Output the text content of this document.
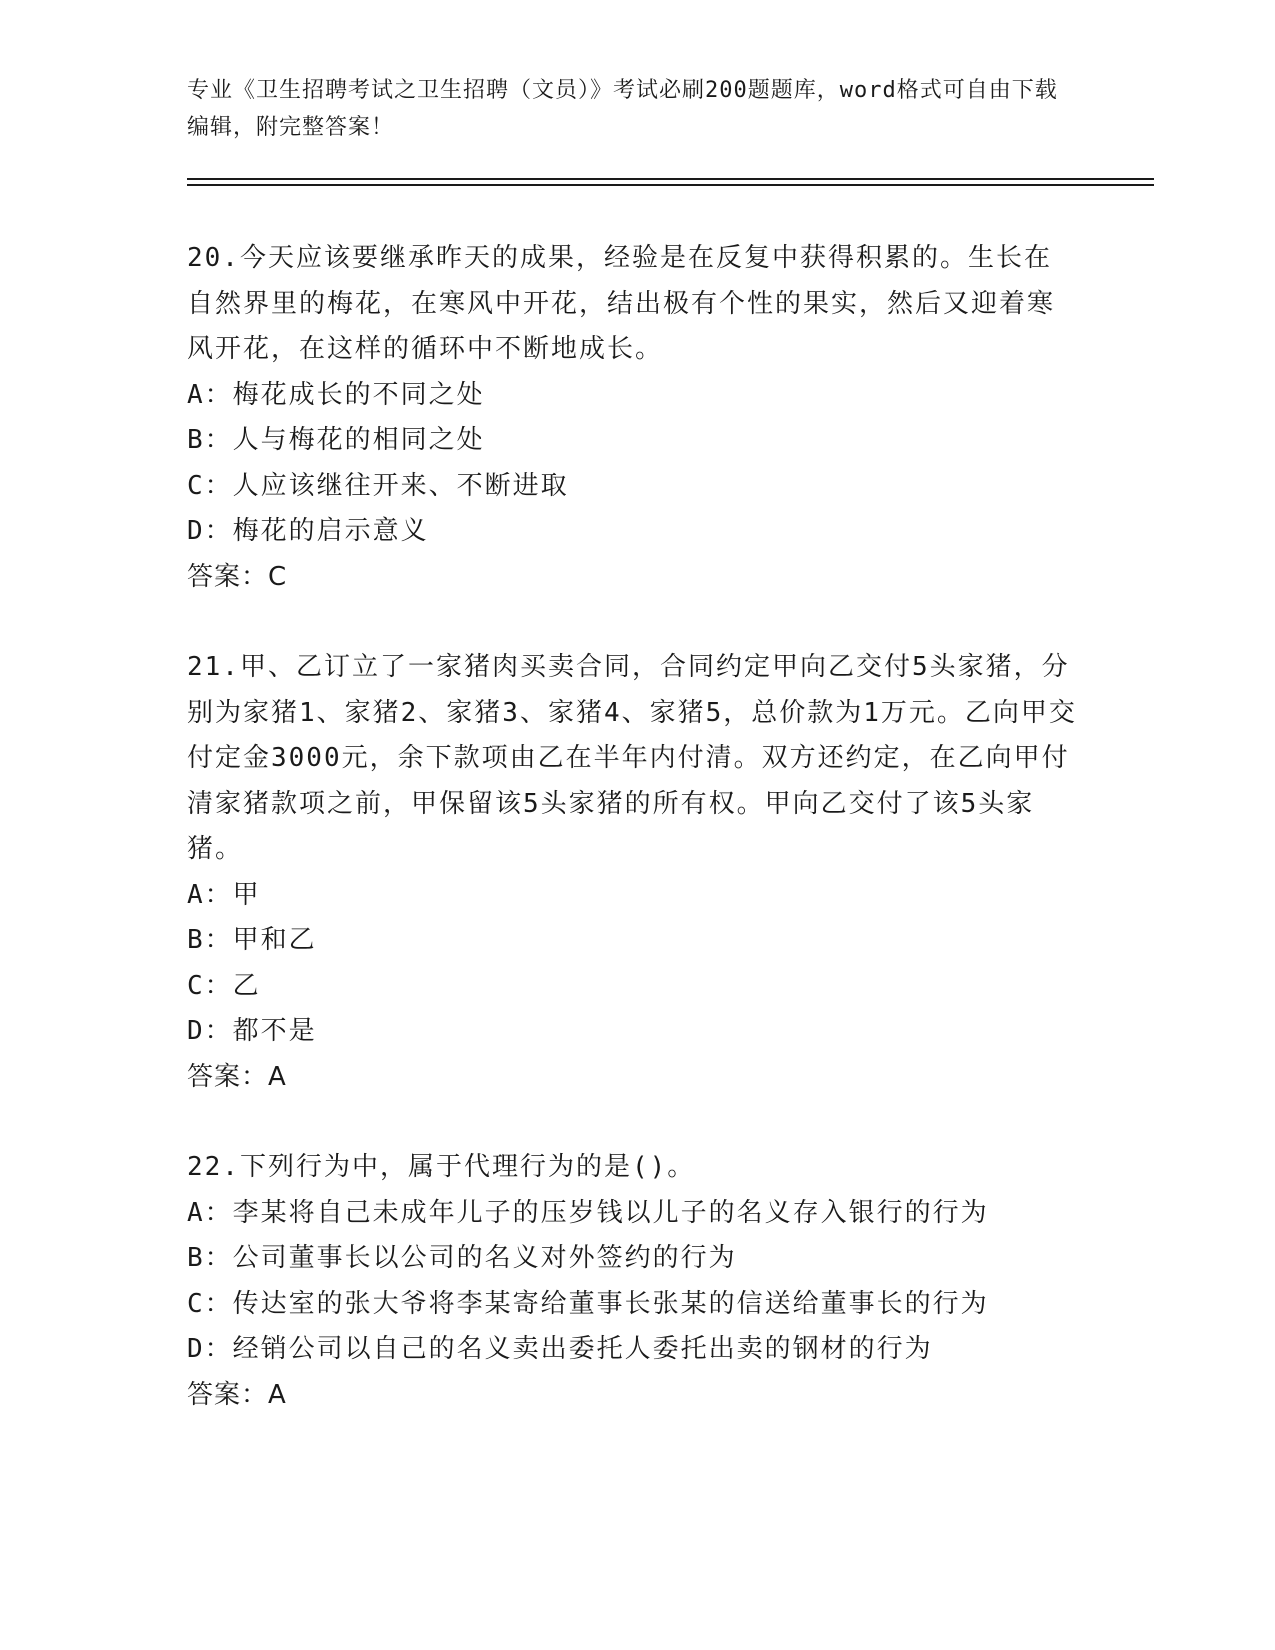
专业《卫生招聘考试之卫生招聘（文员）》考试必刷200题题库，word格式可自由下载编辑，附完整答案！

20.今天应该要继承昨天的成果，经验是在反复中获得积累的。生长在自然界里的梅花，在寒风中开花，结出极有个性的果实，然后又迎着寒风开花，在这样的循环中不断地成长。

A：梅花成长的不同之处

B：人与梅花的相同之处

C：人应该继往开来、不断进取

D：梅花的启示意义

答案：C

21.甲、乙订立了一家猪肉买卖合同，合同约定甲向乙交付5头家猪，分别为家猪1、家猪2、家猪3、家猪4、家猪5，总价款为1万元。乙向甲交付定金3000元，余下款项由乙在半年内付清。双方还约定，在乙向甲付清家猪款项之前，甲保留该5头家猪的所有权。甲向乙交付了该5头家猪。

A：甲

B：甲和乙

C：乙

D：都不是

答案：A

22.下列行为中，属于代理行为的是()。

A：李某将自己未成年儿子的压岁钱以儿子的名义存入银行的行为

B：公司董事长以公司的名义对外签约的行为

C：传达室的张大爷将李某寄给董事长张某的信送给董事长的行为

D：经销公司以自己的名义卖出委托人委托出卖的钢材的行为

答案：A
